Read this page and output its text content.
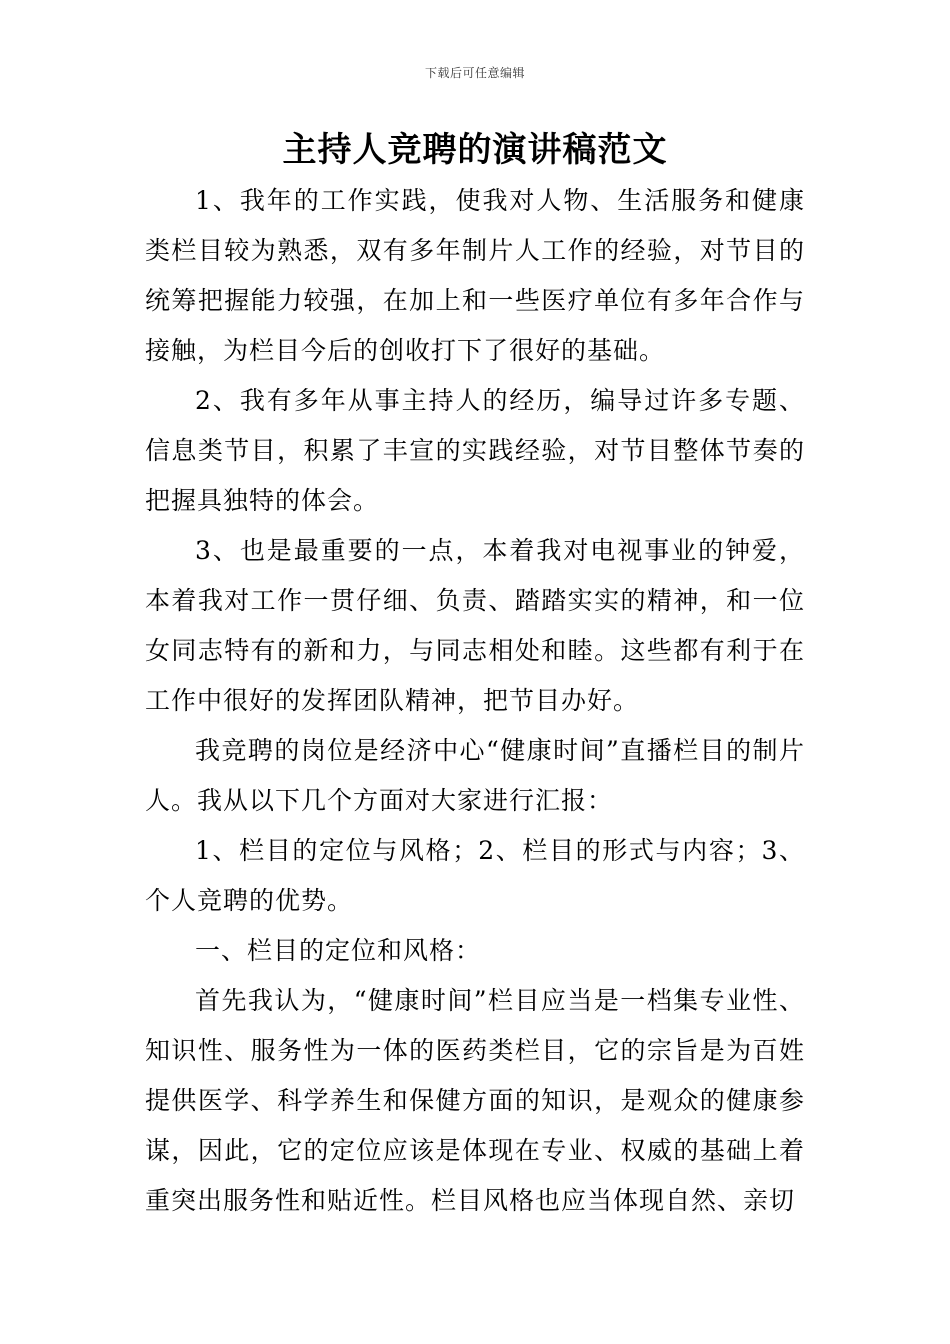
下载后可任意编辑
主持人竞聘的演讲稿范文

1、我年的工作实践，使我对人物、生活服务和健康类栏目较为熟悉，双有多年制片人工作的经验，对节目的统筹把握能力较强，在加上和一些医疗单位有多年合作与接触，为栏目今后的创收打下了很好的基础。

2、我有多年从事主持人的经历，编导过许多专题、信息类节目，积累了丰宣的实践经验，对节目整体节奏的把握具独特的体会。

3、也是最重要的一点，本着我对电视事业的钟爱，本着我对工作一贯仔细、负责、踏踏实实的精神，和一位女同志特有的新和力，与同志相处和睦。这些都有利于在工作中很好的发挥团队精神，把节目办好。

我竞聘的岗位是经济中心“健康时间”直播栏目的制片人。我从以下几个方面对大家进行汇报：

1、栏目的定位与风格；2、栏目的形式与内容；3、个人竞聘的优势。

一、栏目的定位和风格：

首先我认为，“健康时间”栏目应当是一档集专业性、知识性、服务性为一体的医药类栏目，它的宗旨是为百姓提供医学、科学养生和保健方面的知识，是观众的健康参谋，因此，它的定位应该是体现在专业、权威的基础上着重突出服务性和贴近性。栏目风格也应当体现自然、亲切
